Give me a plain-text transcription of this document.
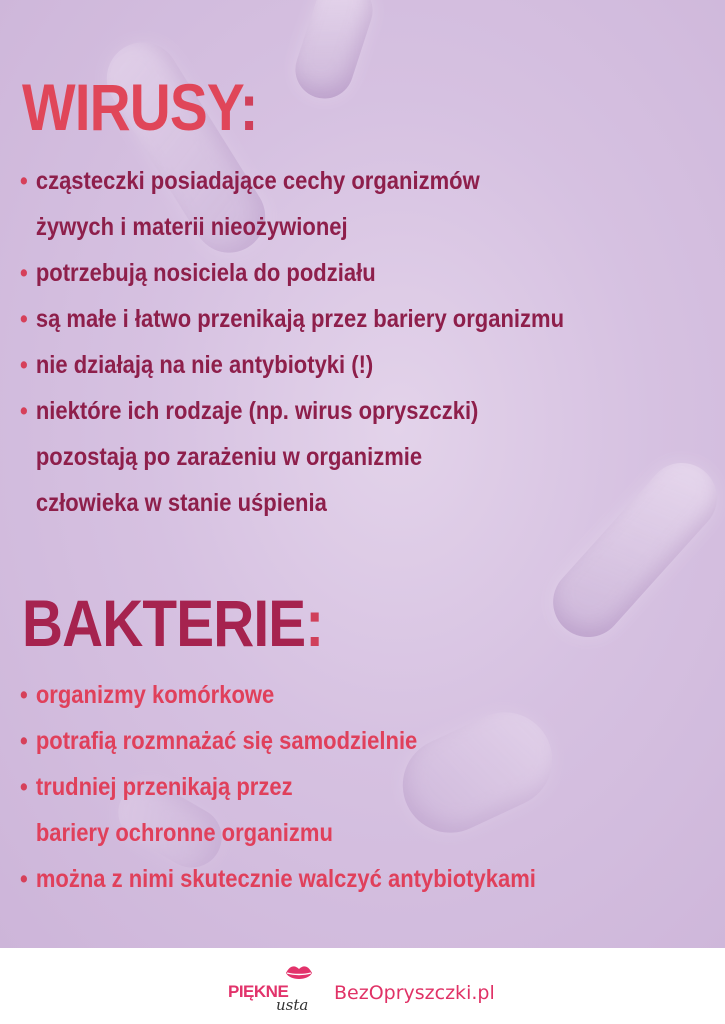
WIRUSY:
• cząsteczki posiadające cechy organizmów
żywych i materii nieożywionej
• potrzebują nosiciela do podziału
• są małe i łatwo przenikają przez bariery organizmu
• nie działają na nie antybiotyki (!)
• niektóre ich rodzaje (np. wirus opryszczki)
pozostają po zarażeniu w organizmie
człowieka w stanie uśpienia
BAKTERIE:
• organizmy komórkowe
• potrafią rozmnażać się samodzielnie
• trudniej przenikają przez
bariery ochronne organizmu
• można z nimi skutecznie walczyć antybiotykami
PIĘKNE
usta
BezOpryszczki.pl
